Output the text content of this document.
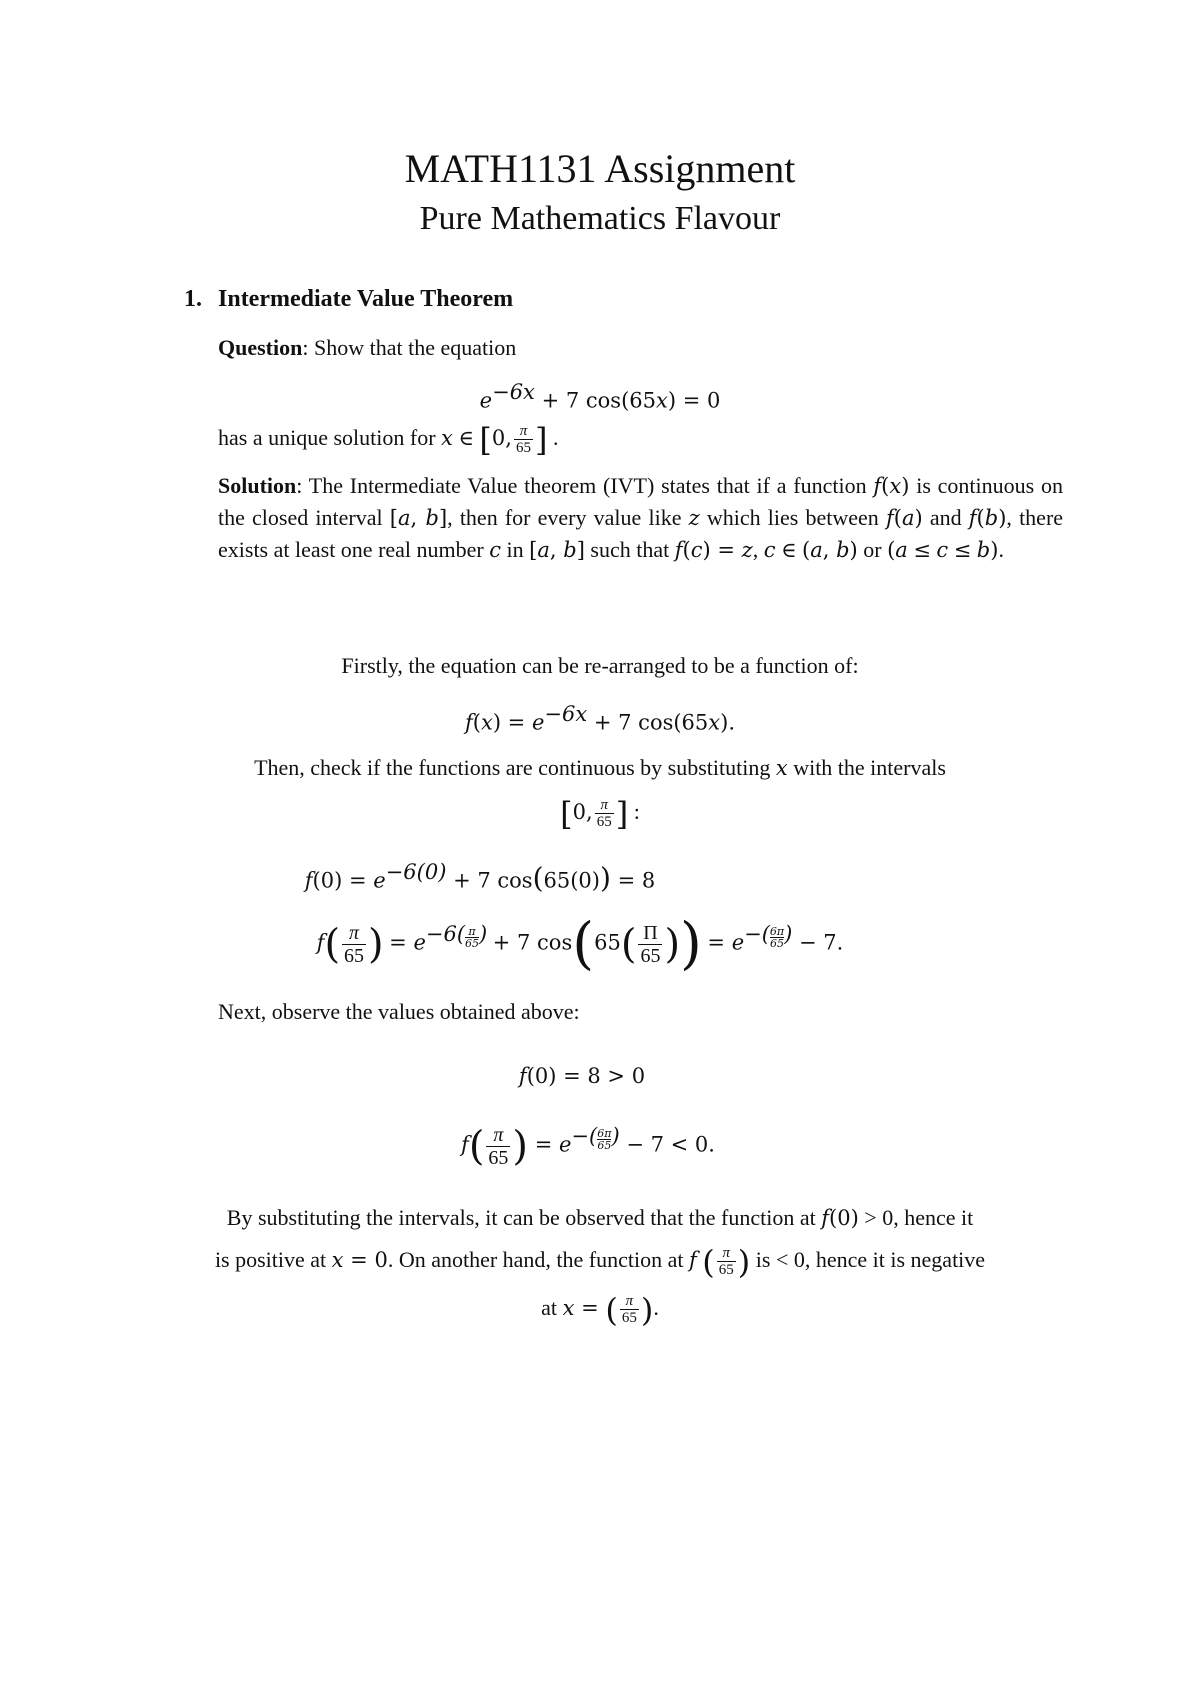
MATH1131 Assignment
Pure Mathematics Flavour
1. Intermediate Value Theorem
Question: Show that the equation
$e^{-6x} + 7$ cos(65x) = 0
has a unique solution for x ∈ [0, $\frac{\pi}{65}$ ] .
Solution: The Intermediate Value theorem (IVT) states that if a function f(x) is continuous on the closed interval [a, b], then for every value like z which lies between f(a) and f(b), there exists at least one real number c in [a, b] such that f(c) = z, c ∈ (a, b) or (a ≤ c ≤ b).
Firstly, the equation can be re-arranged to be a function of:
$f(x) = e^{-6x} + 7$ cos(65x).
Then, check if the functions are continuous by substituting x with the intervals
[0, $\frac{\pi}{65}$ ] :
$f(0) = e^{-6(0)} + 7$ cos(65(0)) = 8
$f( \frac{\pi}{65}$ ) = $e^{-6( \frac{\pi}{65} )} + 7$ $\cos(65( \frac{\Pi}{65}$ )) = $e^{-( \frac{6\pi}{65} )} - 7$.
Next, observe the values obtained above:
f(0) = 8 > 0
$f( \frac{\pi}{65}$ ) = $e^{-( \frac{6\pi}{65} )} - 7 < 0$.
By substituting the intervals, it can be observed that the function at f(0) > 0, hence it
is positive at x = 0. On another hand, the function at f ( $\frac{\pi}{65}$ ) is < 0, hence it is negative
at x = ( $\frac{\pi}{65}$ ).
